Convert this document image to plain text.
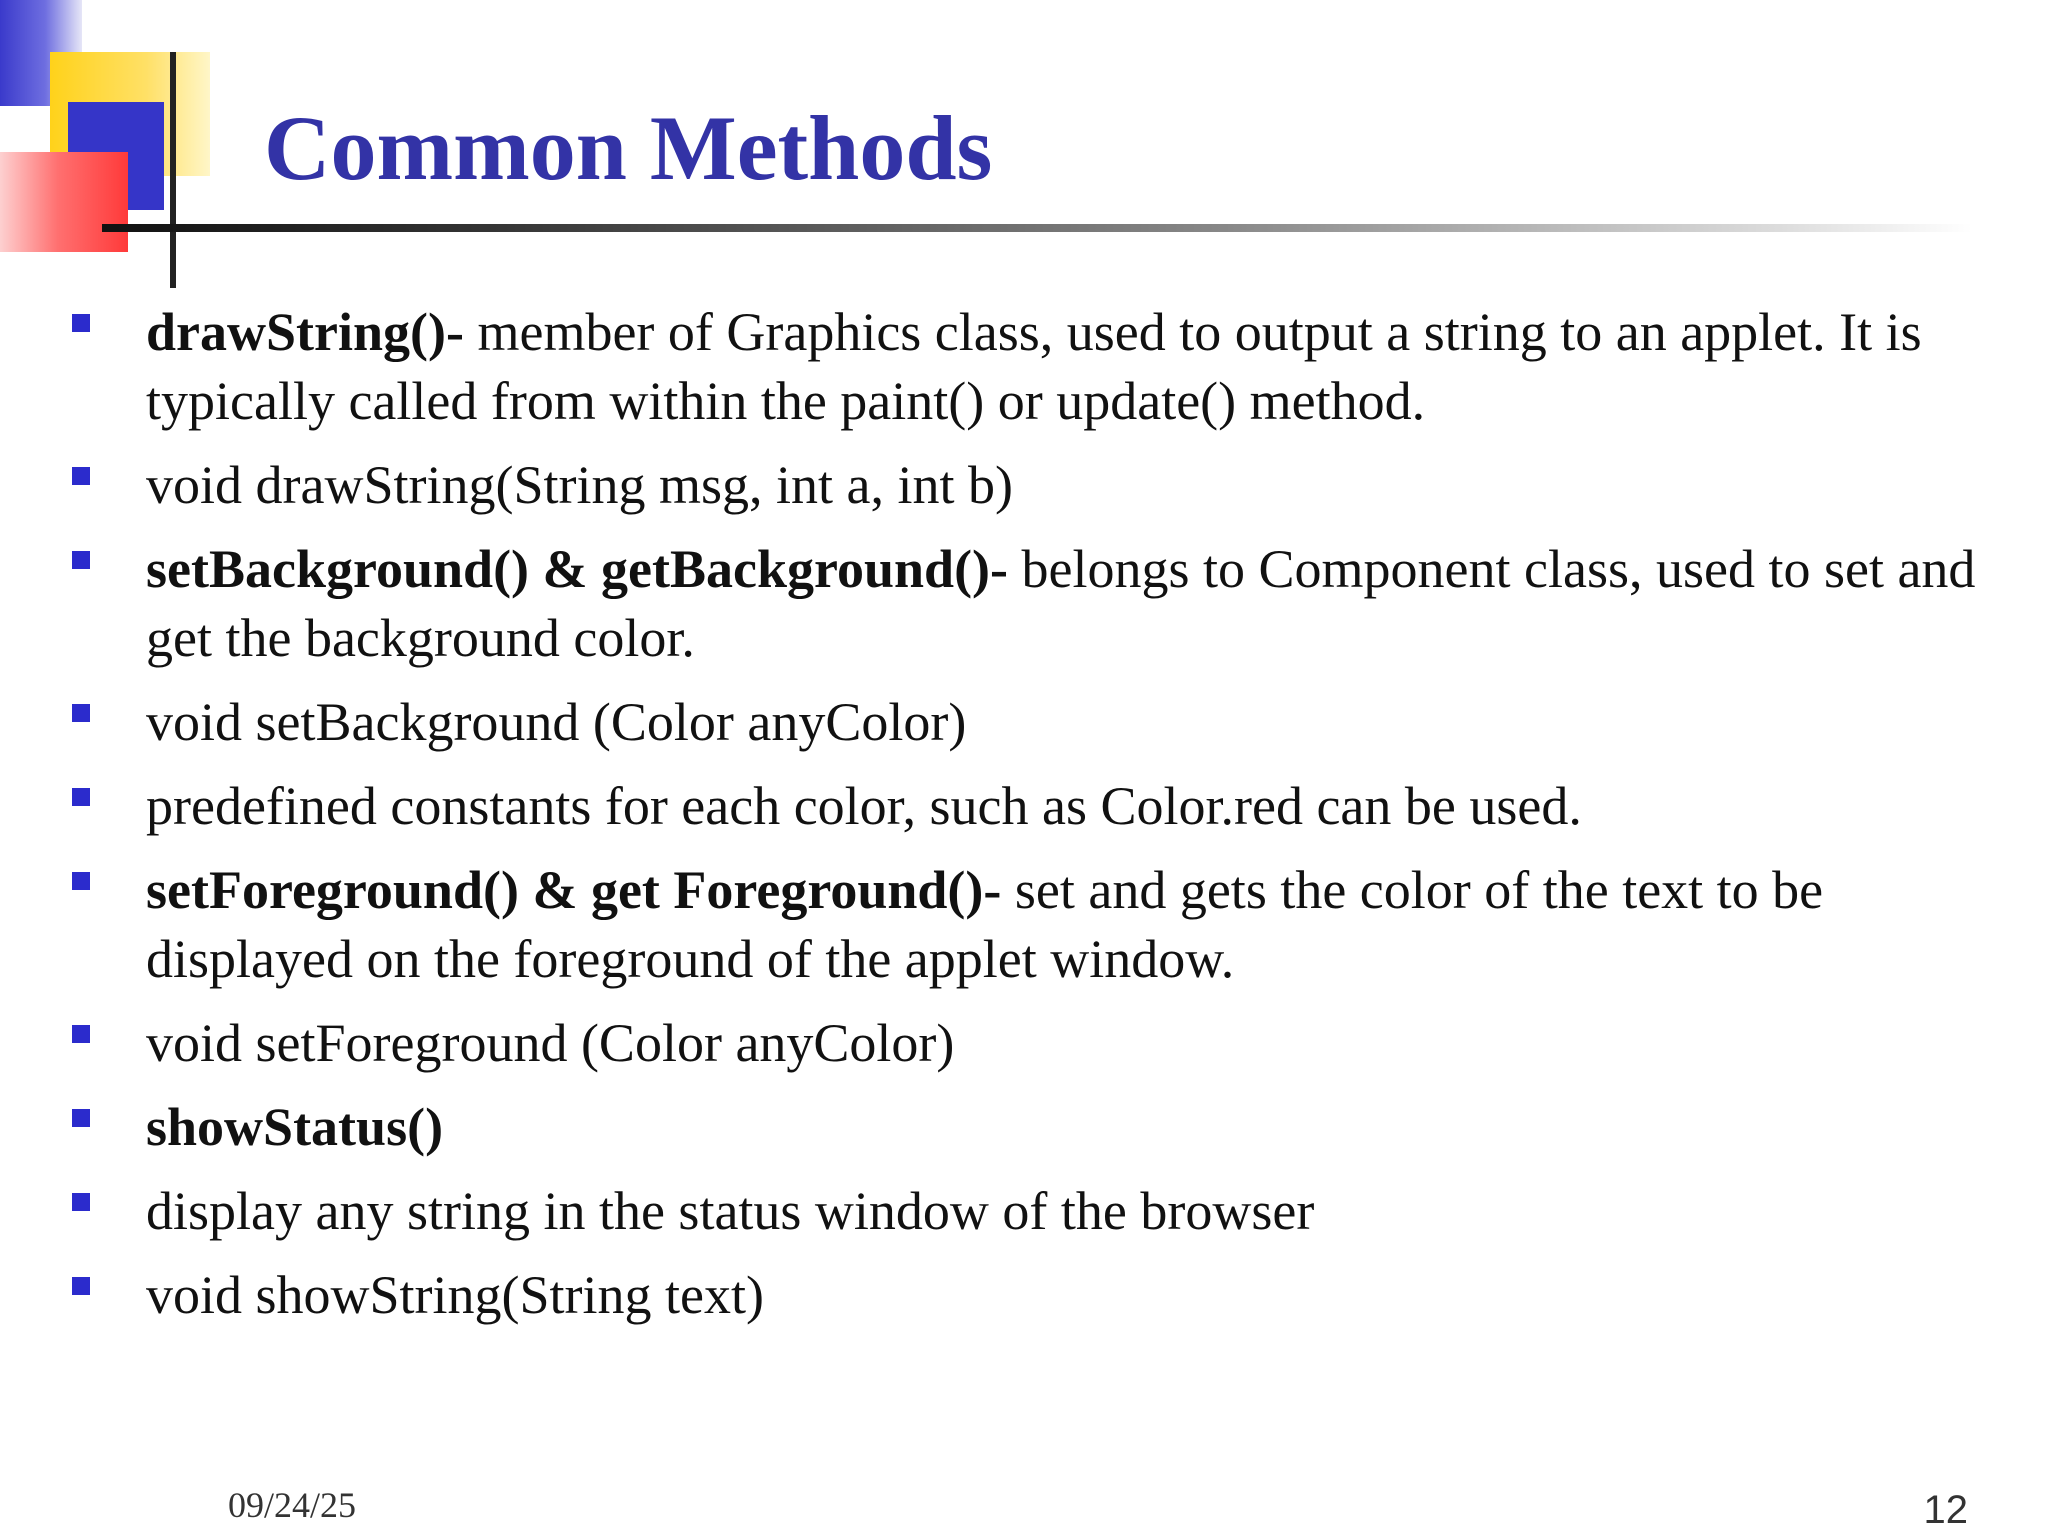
Common Methods
drawString()- member of Graphics class, used to output a string to an applet. It is typically called from within the paint() or update() method.
void drawString(String msg, int a, int b)
setBackground() & getBackground()- belongs to Component class, used to set and get the background color.
void setBackground (Color anyColor)
predefined constants for each color, such as Color.red can be used.
setForeground() & get Foreground()- set and gets the color of the text to be displayed on the foreground of the applet window.
void setForeground (Color anyColor)
showStatus()
display any string in the status window of the browser
void showString(String text)
09/24/25	12
